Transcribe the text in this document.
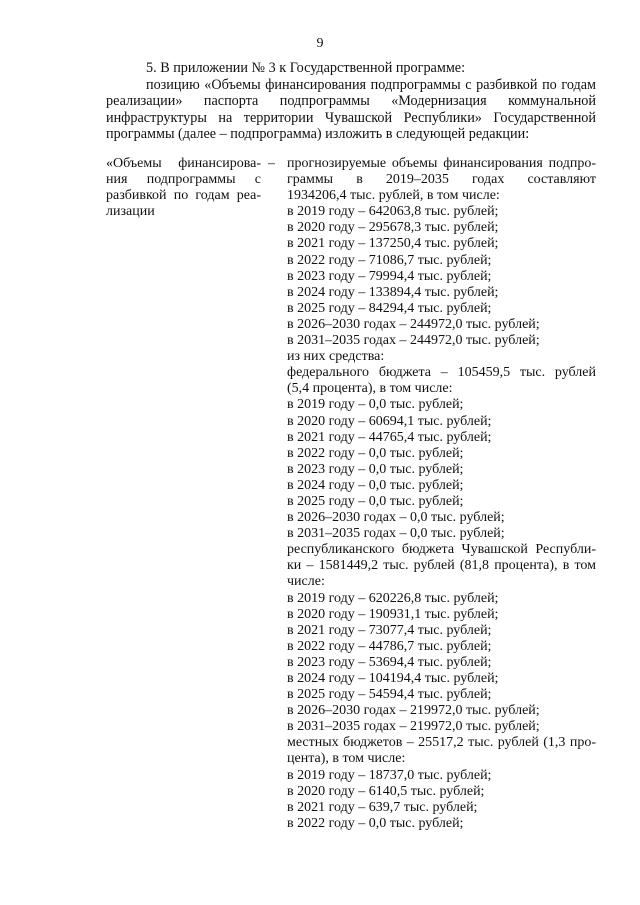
9

5. В приложении № 3 к Государственной программе:

позицию «Объемы финансирования подпрограммы с разбивкой по годам реализации» паспорта подпрограммы «Модернизация коммунальной инфраструктуры на территории Чувашской Республики» Государственной программы (далее – подпрограмма) изложить в следующей редакции:

«Объемы финансирова-
ния подпрограммы с
разбивкой по годам реа-
лизации
– прогнозируемые объемы финансирования подпро-
граммы в 2019–2035 годах составляют
1934206,4 тыс. рублей, в том числе:
в 2019 году – 642063,8 тыс. рублей;
в 2020 году – 295678,3 тыс. рублей;
в 2021 году – 137250,4 тыс. рублей;
в 2022 году – 71086,7 тыс. рублей;
в 2023 году – 79994,4 тыс. рублей;
в 2024 году – 133894,4 тыс. рублей;
в 2025 году – 84294,4 тыс. рублей;
в 2026–2030 годах – 244972,0 тыс. рублей;
в 2031–2035 годах – 244972,0 тыс. рублей;
из них средства:
федерального бюджета – 105459,5 тыс. рублей
(5,4 процента), в том числе:
в 2019 году – 0,0 тыс. рублей;
в 2020 году – 60694,1 тыс. рублей;
в 2021 году – 44765,4 тыс. рублей;
в 2022 году – 0,0 тыс. рублей;
в 2023 году – 0,0 тыс. рублей;
в 2024 году – 0,0 тыс. рублей;
в 2025 году – 0,0 тыс. рублей;
в 2026–2030 годах – 0,0 тыс. рублей;
в 2031–2035 годах – 0,0 тыс. рублей;
республиканского бюджета Чувашской Республи-
ки – 1581449,2 тыс. рублей (81,8 процента), в том
числе:
в 2019 году – 620226,8 тыс. рублей;
в 2020 году – 190931,1 тыс. рублей;
в 2021 году – 73077,4 тыс. рублей;
в 2022 году – 44786,7 тыс. рублей;
в 2023 году – 53694,4 тыс. рублей;
в 2024 году – 104194,4 тыс. рублей;
в 2025 году – 54594,4 тыс. рублей;
в 2026–2030 годах – 219972,0 тыс. рублей;
в 2031–2035 годах – 219972,0 тыс. рублей;
местных бюджетов – 25517,2 тыс. рублей (1,3 про-
цента), в том числе:
в 2019 году – 18737,0 тыс. рублей;
в 2020 году – 6140,5 тыс. рублей;
в 2021 году – 639,7 тыс. рублей;
в 2022 году – 0,0 тыс. рублей;
